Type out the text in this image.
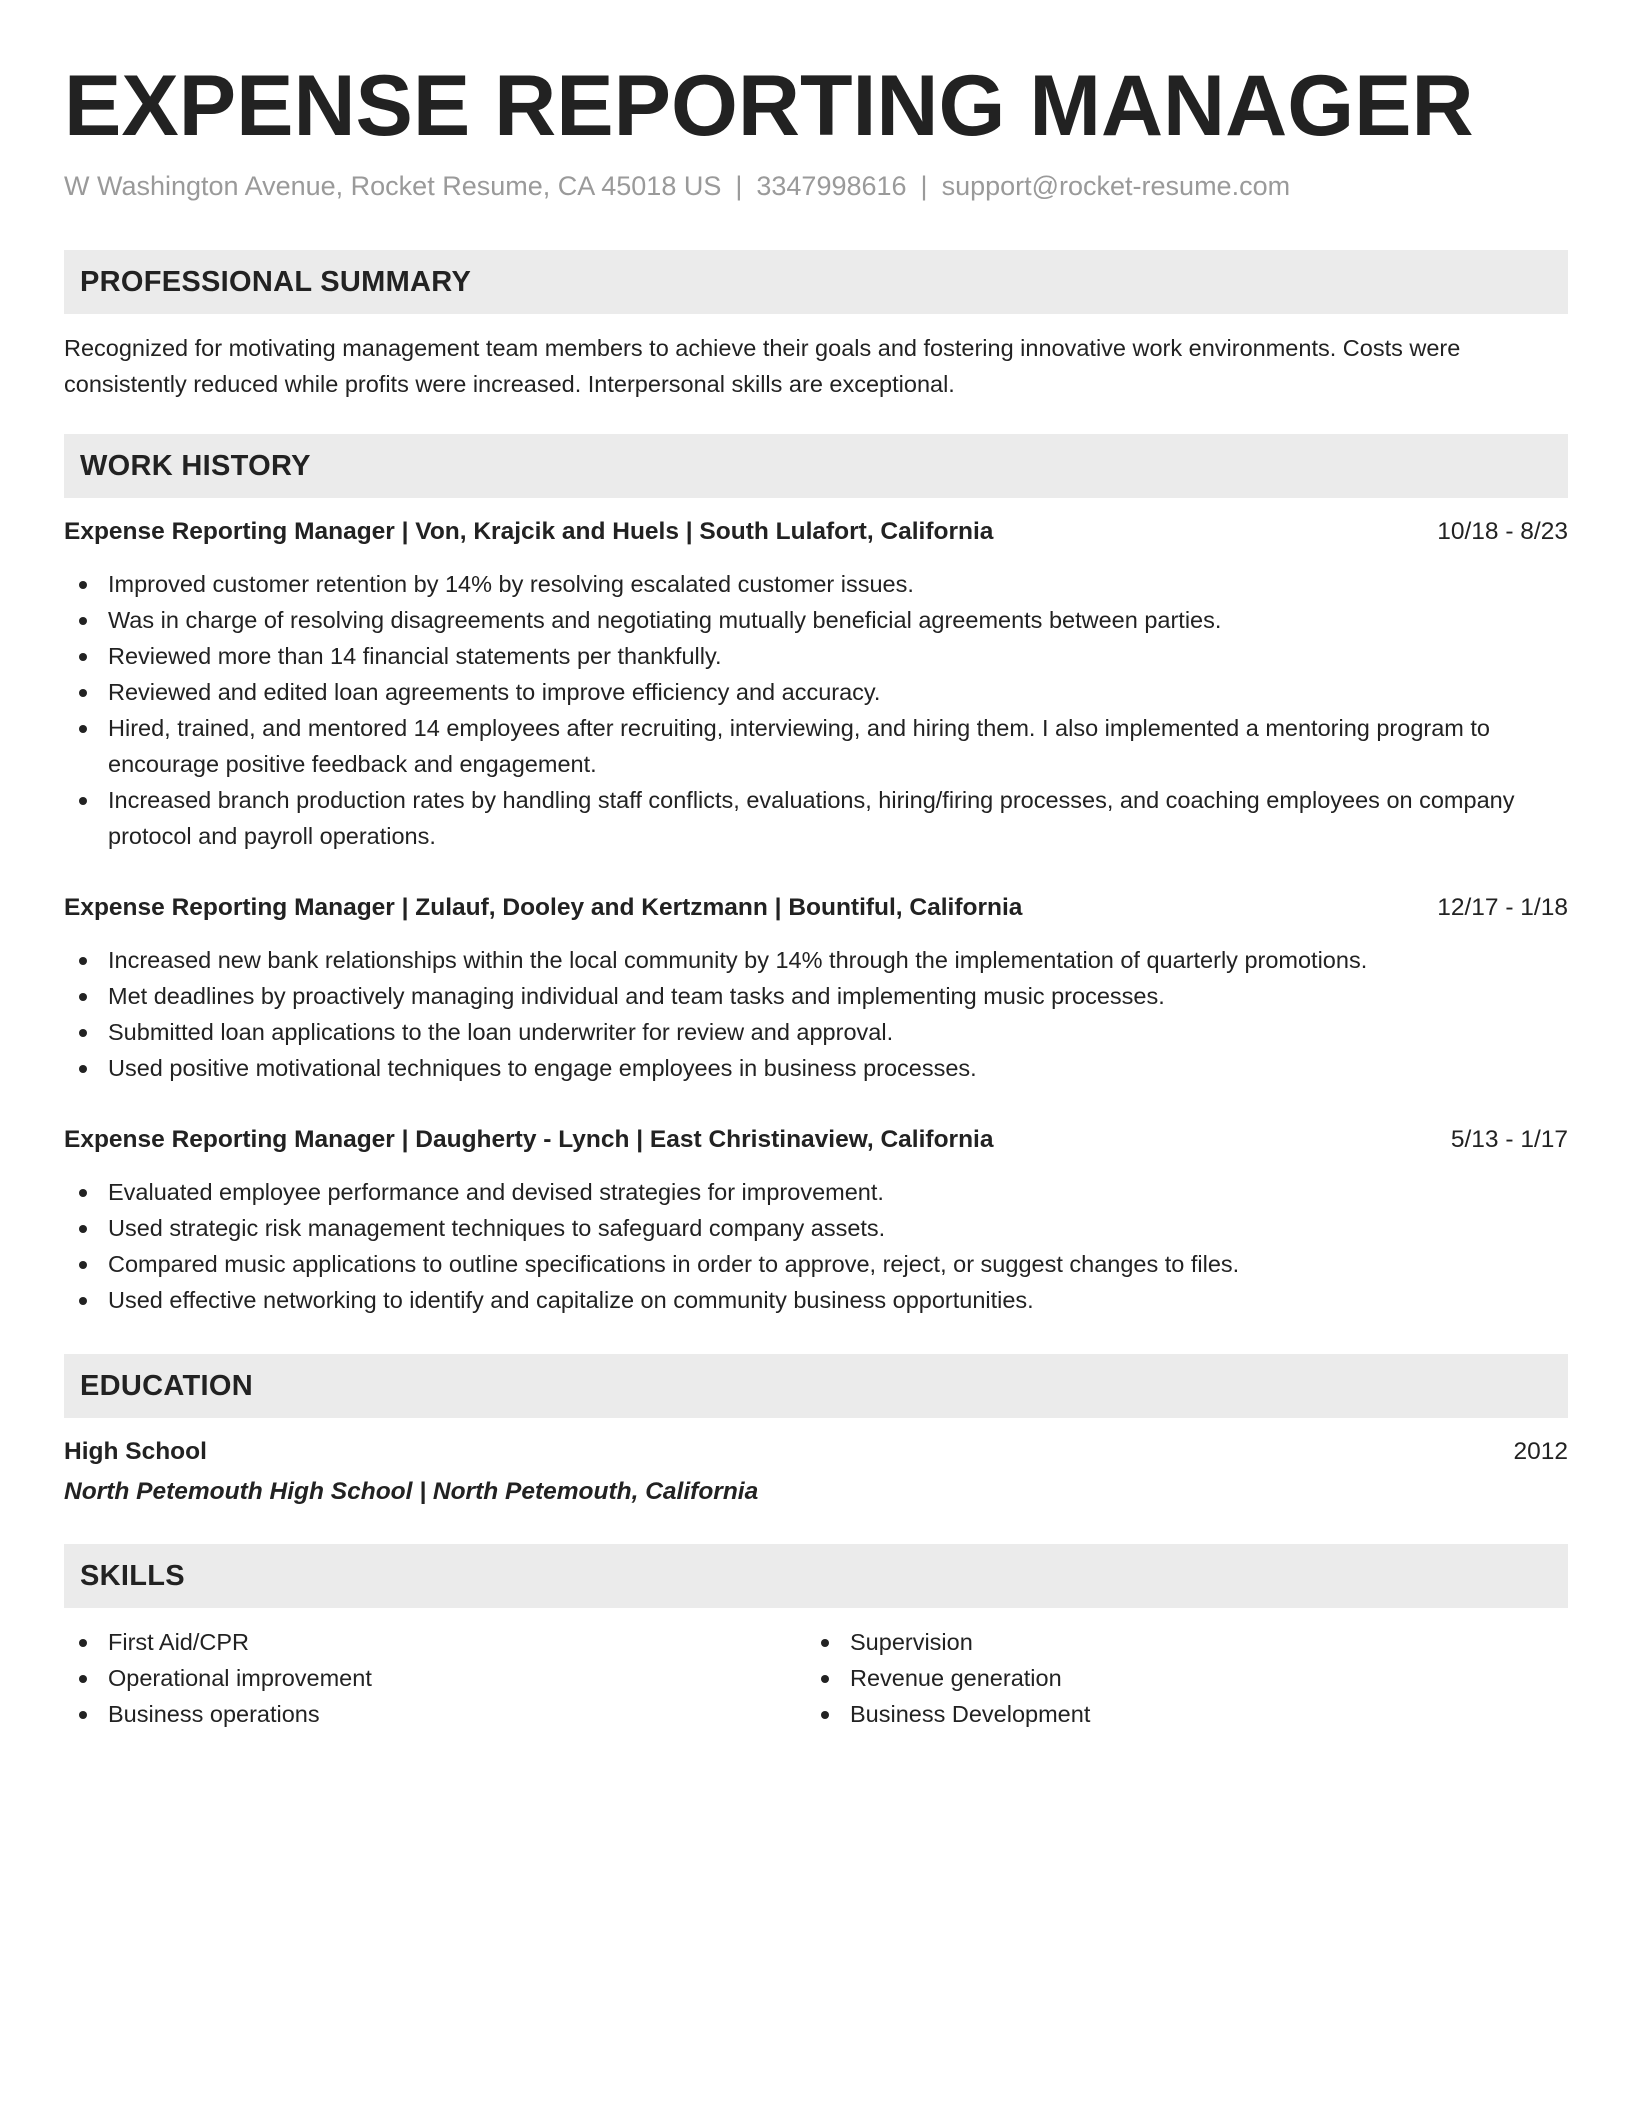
EXPENSE REPORTING MANAGER
W Washington Avenue, Rocket Resume, CA 45018 US | 3347998616 | support@rocket-resume.com
PROFESSIONAL SUMMARY

Recognized for motivating management team members to achieve their goals and fostering innovative work environments. Costs were consistently reduced while profits were increased. Interpersonal skills are exceptional.

WORK HISTORY
Expense Reporting Manager | Von, Krajcik and Huels | South Lulafort, California	10/18 - 8/23
Improved customer retention by 14% by resolving escalated customer issues.
Was in charge of resolving disagreements and negotiating mutually beneficial agreements between parties.
Reviewed more than 14 financial statements per thankfully.
Reviewed and edited loan agreements to improve efficiency and accuracy.
Hired, trained, and mentored 14 employees after recruiting, interviewing, and hiring them. I also implemented a mentoring program to encourage positive feedback and engagement.
Increased branch production rates by handling staff conflicts, evaluations, hiring/firing processes, and coaching employees on company protocol and payroll operations.
Expense Reporting Manager | Zulauf, Dooley and Kertzmann | Bountiful, California	12/17 - 1/18
Increased new bank relationships within the local community by 14% through the implementation of quarterly promotions.
Met deadlines by proactively managing individual and team tasks and implementing music processes.
Submitted loan applications to the loan underwriter for review and approval.
Used positive motivational techniques to engage employees in business processes.
Expense Reporting Manager | Daugherty - Lynch | East Christinaview, California	5/13 - 1/17
Evaluated employee performance and devised strategies for improvement.
Used strategic risk management techniques to safeguard company assets.
Compared music applications to outline specifications in order to approve, reject, or suggest changes to files.
Used effective networking to identify and capitalize on community business opportunities.
EDUCATION
High School	2012
North Petemouth High School | North Petemouth, California
SKILLS
First Aid/CPR
Operational improvement
Business operations
Supervision
Revenue generation
Business Development
